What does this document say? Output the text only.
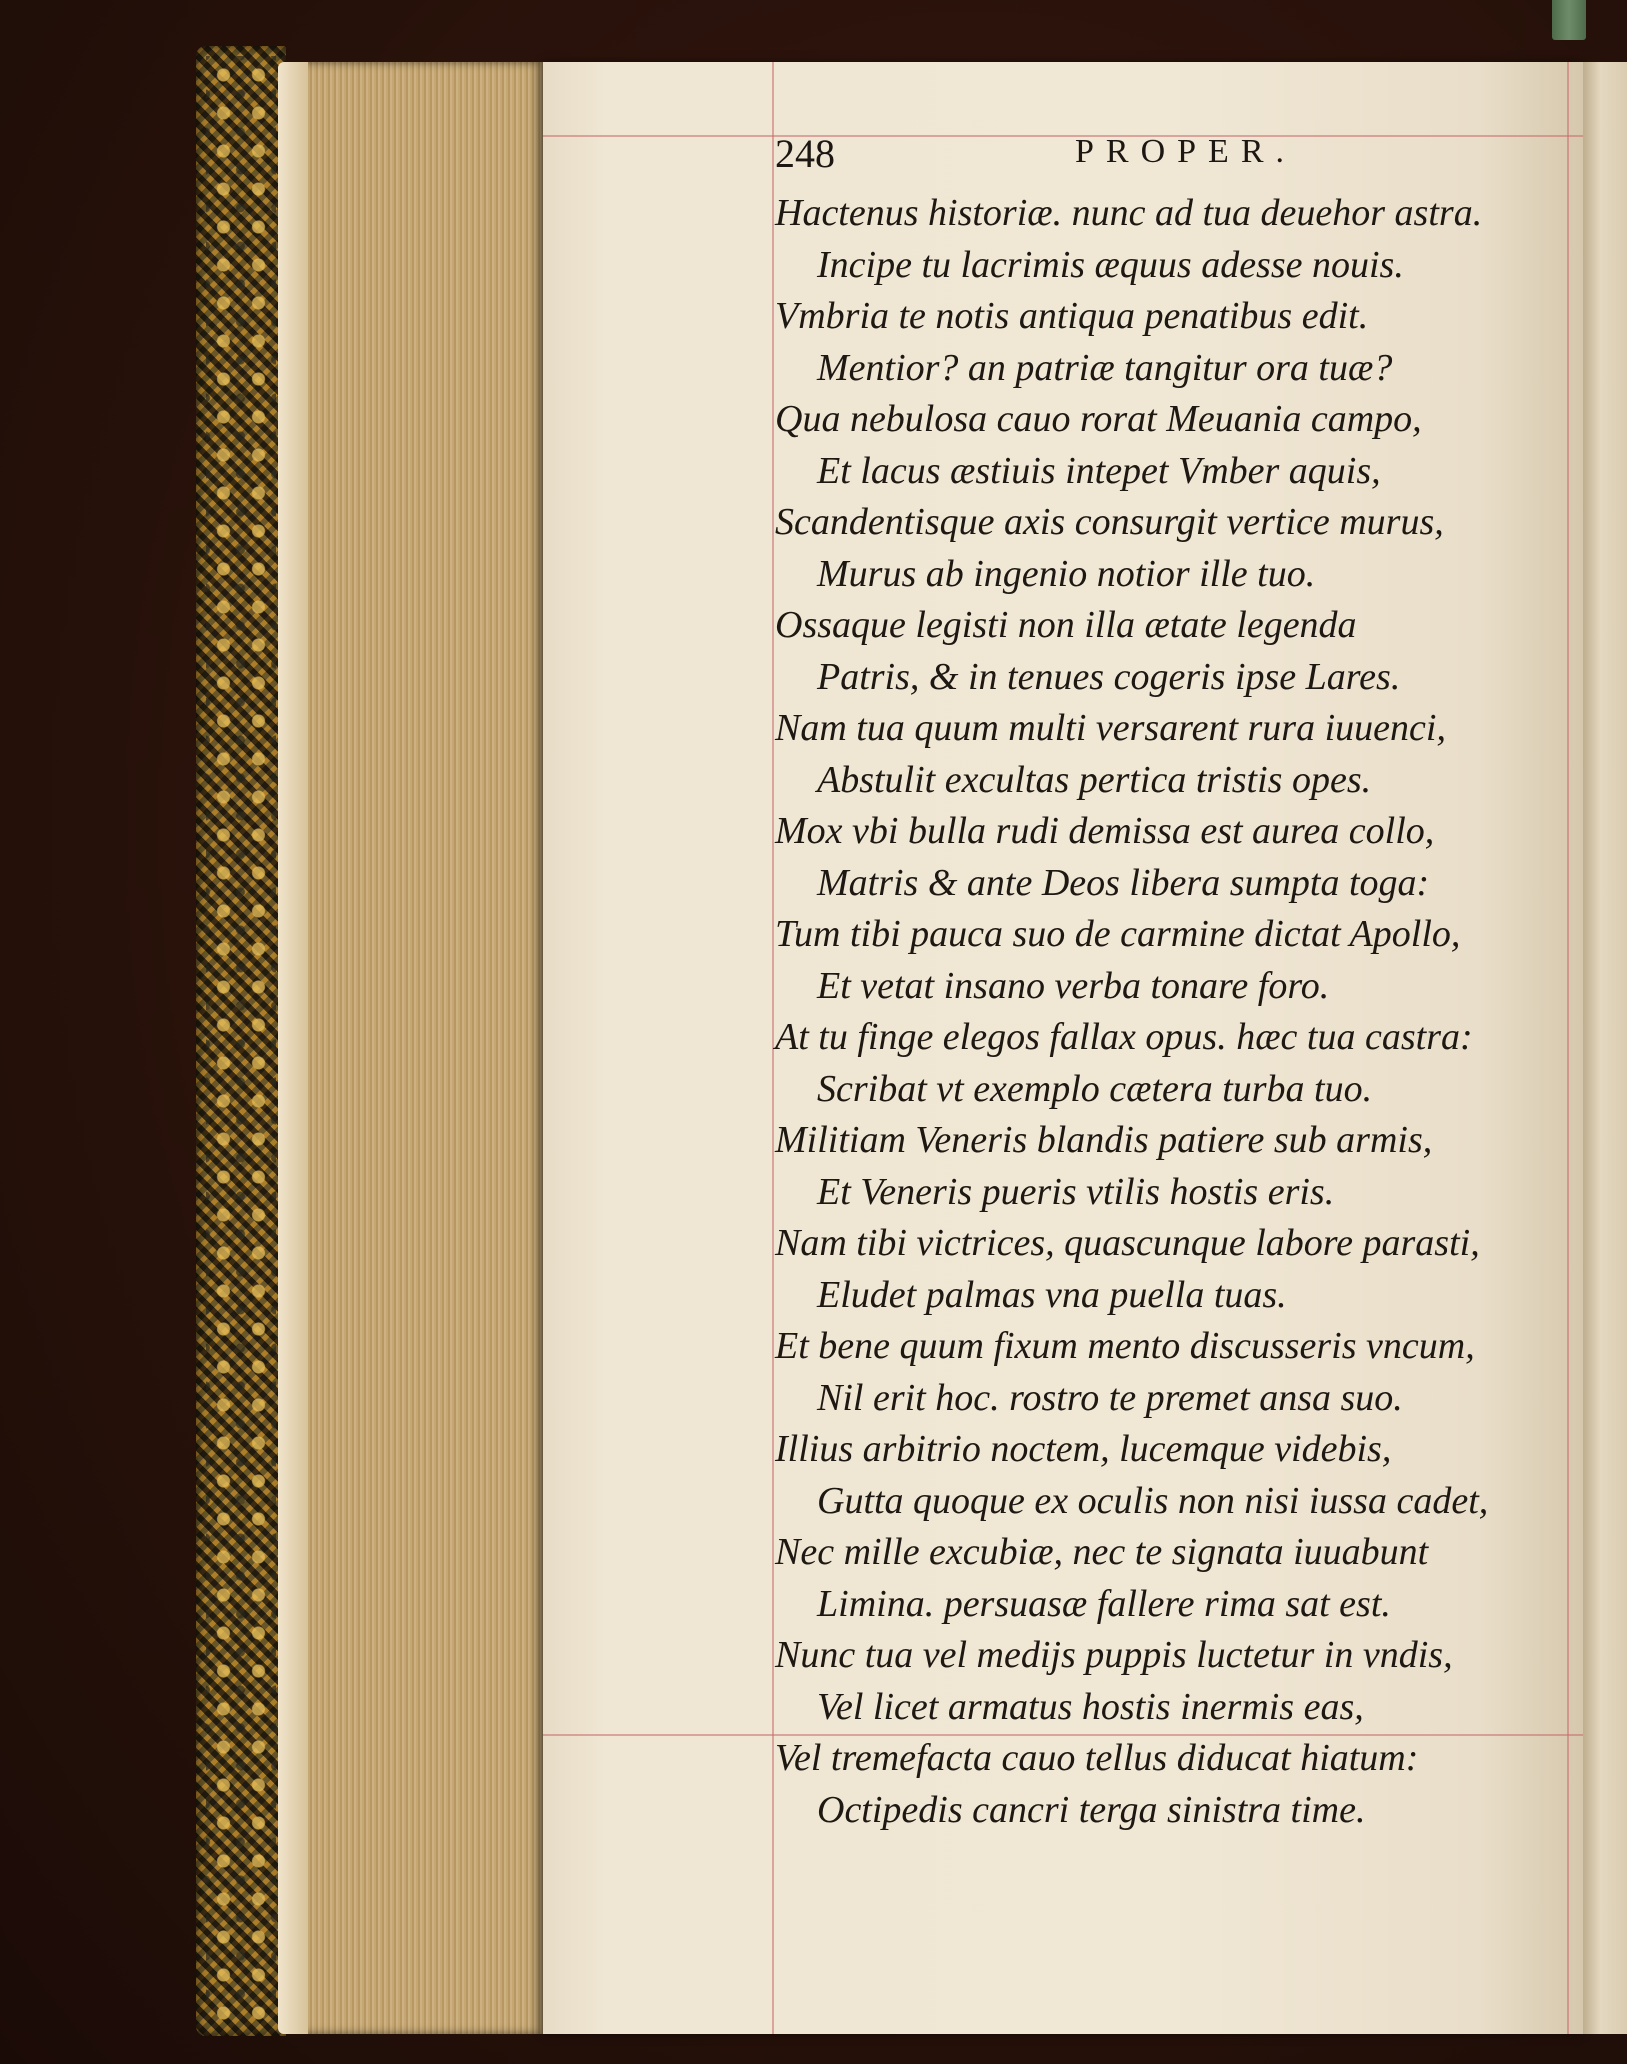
248	PROPER.
Hactenus historiæ. nunc ad tua deuehor astra.
Incipe tu lacrimis æquus adesse nouis.
Vmbria te notis antiqua penatibus edit.
Mentior? an patriæ tangitur ora tuæ?
Qua nebulosa cauo rorat Meuania campo,
Et lacus æstiuis intepet Vmber aquis,
Scandentisque axis consurgit vertice murus,
Murus ab ingenio notior ille tuo.
Ossaque legisti non illa ætate legenda
Patris, & in tenues cogeris ipse Lares.
Nam tua quum multi versarent rura iuuenci,
Abstulit excultas pertica tristis opes.
Mox vbi bulla rudi demissa est aurea collo,
Matris & ante Deos libera sumpta toga:
Tum tibi pauca suo de carmine dictat Apollo,
Et vetat insano verba tonare foro.
At tu finge elegos fallax opus. hæc tua castra:
Scribat vt exemplo cætera turba tuo.
Militiam Veneris blandis patiere sub armis,
Et Veneris pueris vtilis hostis eris.
Nam tibi victrices, quascunque labore parasti,
Eludet palmas vna puella tuas.
Et bene quum fixum mento discusseris vncum,
Nil erit hoc. rostro te premet ansa suo.
Illius arbitrio noctem, lucemque videbis,
Gutta quoque ex oculis non nisi iussa cadet,
Nec mille excubiæ, nec te signata iuuabunt
Limina. persuasæ fallere rima sat est.
Nunc tua vel medijs puppis luctetur in vndis,
Vel licet armatus hostis inermis eas,
Vel tremefacta cauo tellus diducat hiatum:
Octipedis cancri terga sinistra time.
